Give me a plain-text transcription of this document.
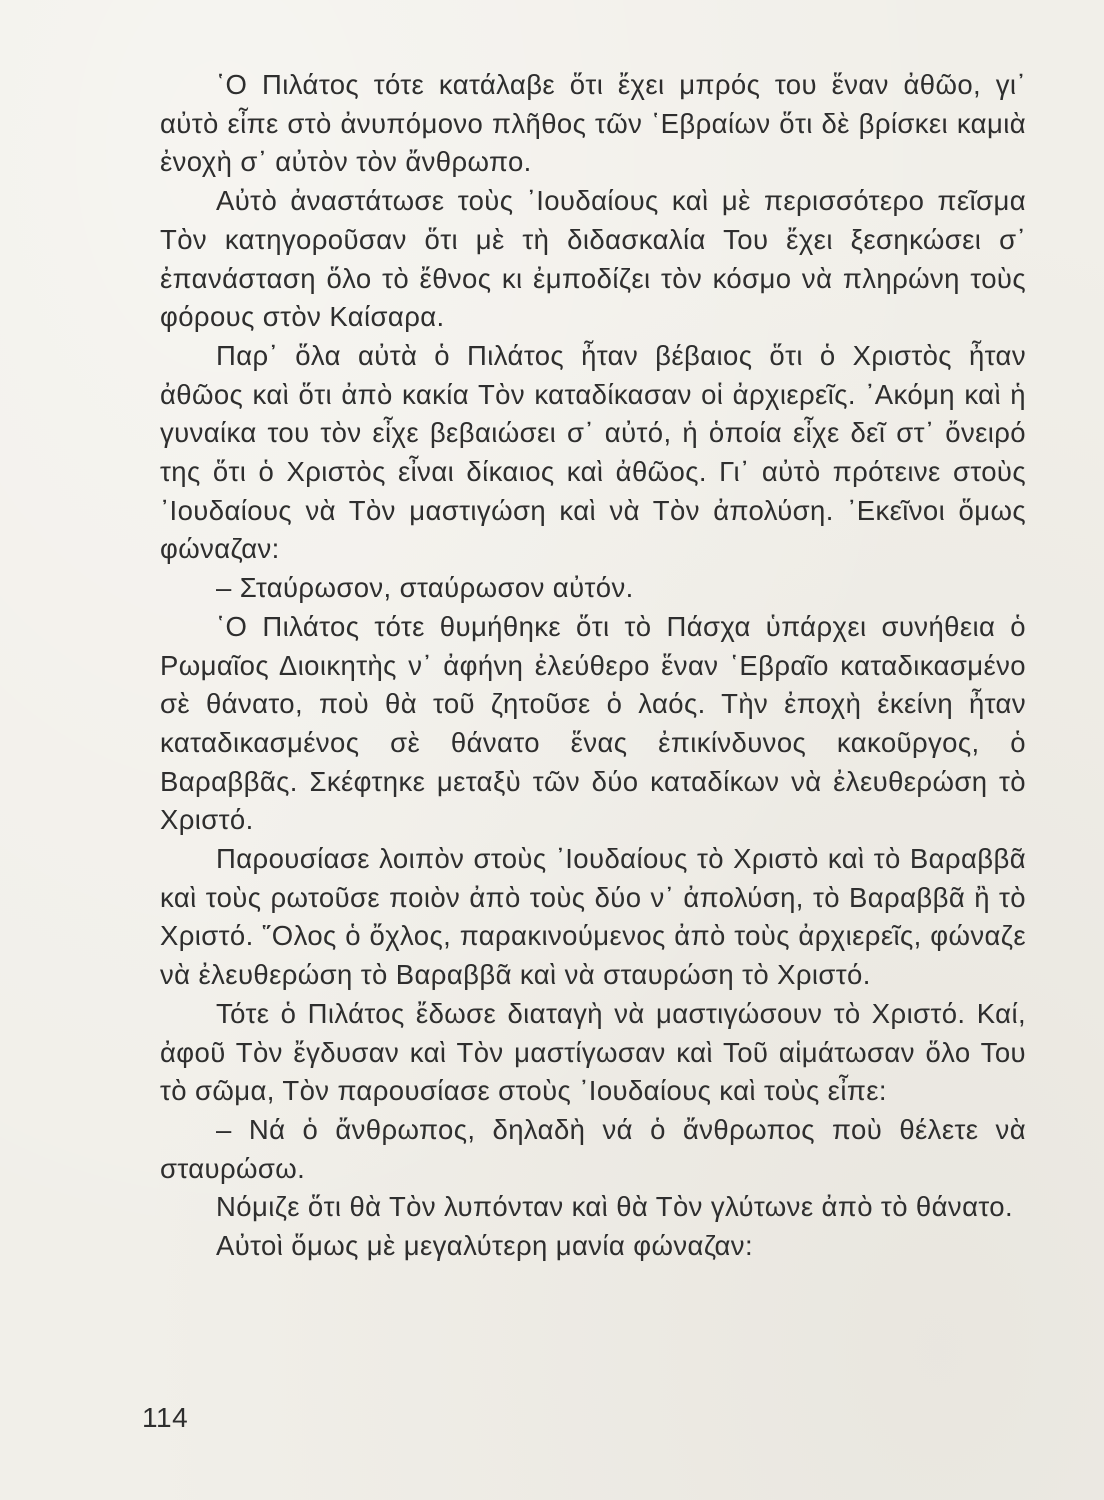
῾Ο Πιλάτος τότε κατάλαβε ὅτι ἔχει μπρός του ἕναν ἀθῶο, γι᾿ αὐτὸ εἶπε στὸ ἀνυπόμονο πλῆθος τῶν ῾Εβραίων ὅτι δὲ βρίσκει καμιὰ ἐνοχὴ σ᾿ αὐτὸν τὸν ἄνθρωπο.

Αὐτὸ ἀναστάτωσε τοὺς ᾿Ιουδαίους καὶ μὲ περισσότερο πεῖσμα Τὸν κατηγοροῦσαν ὅτι μὲ τὴ διδασκαλία Του ἔχει ξεσηκώσει σ᾿ ἐπανάσταση ὅλο τὸ ἔθνος κι ἐμποδίζει τὸν κόσμο νὰ πληρώνη τοὺς φόρους στὸν Καίσαρα.

Παρ᾿ ὅλα αὐτὰ ὁ Πιλάτος ἦταν βέβαιος ὅτι ὁ Χριστὸς ἦταν ἀθῶος καὶ ὅτι ἀπὸ κακία Τὸν καταδίκασαν οἱ ἀρχιερεῖς. ᾿Ακόμη καὶ ἡ γυναίκα του τὸν εἶχε βεβαιώσει σ᾿ αὐτό, ἡ ὁποία εἶχε δεῖ στ᾿ ὄνειρό της ὅτι ὁ Χριστὸς εἶναι δίκαιος καὶ ἀθῶος. Γι᾿ αὐτὸ πρότεινε στοὺς ᾿Ιουδαίους νὰ Τὸν μαστιγώση καὶ νὰ Τὸν ἀπολύση. ᾿Εκεῖνοι ὅμως φώναζαν:

– Σταύρωσον, σταύρωσον αὐτόν.

῾Ο Πιλάτος τότε θυμήθηκε ὅτι τὸ Πάσχα ὑπάρχει συνήθεια ὁ Ρωμαῖος Διοικητὴς ν᾿ ἀφήνη ἐλεύθερο ἕναν ῾Εβραῖο καταδικασμένο σὲ θάνατο, ποὺ θὰ τοῦ ζητοῦσε ὁ λαός. Τὴν ἐποχὴ ἐκείνη ἦταν καταδικασμένος σὲ θάνατο ἕνας ἐπικίνδυνος κακοῦργος, ὁ Βαραββᾶς. Σκέφτηκε μεταξὺ τῶν δύο καταδίκων νὰ ἐλευθερώση τὸ Χριστό.

Παρουσίασε λοιπὸν στοὺς ᾿Ιουδαίους τὸ Χριστὸ καὶ τὸ Βαραββᾶ καὶ τοὺς ρωτοῦσε ποιὸν ἀπὸ τοὺς δύο ν᾿ ἀπολύση, τὸ Βαραββᾶ ἢ τὸ Χριστό. ῞Ολος ὁ ὄχλος, παρακινούμενος ἀπὸ τοὺς ἀρχιερεῖς, φώναζε νὰ ἐλευθερώση τὸ Βαραββᾶ καὶ νὰ σταυρώση τὸ Χριστό.

Τότε ὁ Πιλάτος ἔδωσε διαταγὴ νὰ μαστιγώσουν τὸ Χριστό. Καί, ἀφοῦ Τὸν ἔγδυσαν καὶ Τὸν μαστίγωσαν καὶ Τοῦ αἱμάτωσαν ὅλο Του τὸ σῶμα, Τὸν παρουσίασε στοὺς ᾿Ιουδαίους καὶ τοὺς εἶπε:

– Νά ὁ ἄνθρωπος, δηλαδὴ νά ὁ ἄνθρωπος ποὺ θέλετε νὰ σταυρώσω.

Νόμιζε ὅτι θὰ Τὸν λυπόνταν καὶ θὰ Τὸν γλύτωνε ἀπὸ τὸ θάνατο.

Αὐτοὶ ὅμως μὲ μεγαλύτερη μανία φώναζαν:

114
